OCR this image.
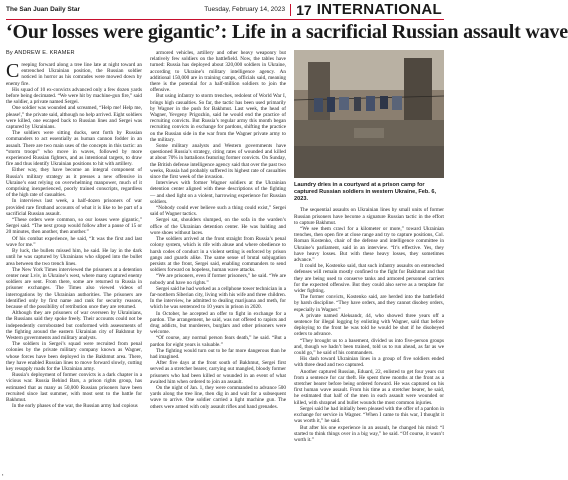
The San Juan Daily Star	Tuesday, February 14, 2023 17 INTERNATIONAL
‘Our losses were gigantic’: Life in a sacrificial Russian assault wave
By ANDREW E. KRAMER

Creeping forward along a tree line late at night toward an entrenched Ukrainian position, the Russian soldier noticed in horror as his comrades were mowed down by enemy fire.

His squad of 10 ex-convicts advanced only a few dozen yards before being decimated. “We were hit by machine-gun fire,” said the soldier, a private named Sergei.

One soldier was wounded and screamed, “Help me! Help me, please!,” the private said, although no help arrived. Eight soldiers were killed, one escaped back to Russian lines and Sergei was captured by Ukrainians.

The soldiers were sitting ducks, sent forth by Russian commanders to act essentially as human cannon fodder in an assault. There are two main uses of the concepts in this tactic: an “storm troops” who move in waves, followed by more experienced Russian fighters, and as intentional targets, to draw fire and thus identify Ukrainian positions to hit with artillery.

Either way, they have become an integral component of Russia’s military strategy as it presses a new offensive in Ukraine’s east relying on overwhelming manpower, much of it comprising inexperienced, poorly trained conscripts, regardless of the high rate of casualties.

In interviews last week, a half-dozen prisoners of war provided rare firsthand accounts of what it is like to be part of a sacrificial Russian assault.

“These orders were common, so our losses were gigantic,” Sergei said. “The next group would follow after a pause of 15 or 20 minutes, then another, then another.”

Of his combat experience, he said, “It was the first and last wave for me.”

By luck, the bullets missed him, he said. He lay in the dark until he was captured by Ukrainians who slipped into the bullet area between the two trench lines.

The New York Times interviewed the prisoners at a detention center near Lviv, in Ukraine’s west, where many captured enemy soldiers are sent. From there, some are returned to Russia in prisoner exchanges. The Times also viewed videos of interrogations by the Ukrainian authorities. The prisoners are identified only by first name and rank for security reasons, because of the possibility of retribution once they are returned.

Although they are prisoners of war overseen by Ukrainians, the Russians said they spoke freely. Their accounts could not be independently corroborated but conformed with assessments of the fighting around the eastern Ukrainian city of Bakhmut by Western governments and military analysts.

The soldiers in Sergei’s squad were recruited from penal colonies by the private military company known as Wagner, whose forces have been deployed in the Bakhmut area. There, they have enabled Russian lines to move forward slowly, cutting key resupply roads for the Ukrainian army.

Russia’s deployment of former convicts is a dark chapter in a vicious war. Russia Behind Bars, a prison rights group, has estimated that as many as 50,000 Russian prisoners have been recruited since last summer, with most sent to the battle for Bakhmut.

In the early phases of the war, the Russian army had copious

armored vehicles, artillery and other heavy weaponry but relatively few soldiers on the battlefield. Now, the tables have turned: Russia has deployed about 320,000 soldiers in Ukraine, according to Ukraine’s military intelligence agency. An additional 150,000 are in training camps, officials said, meaning there is the potential for a half-million soldiers to join the offensive.

But using infantry to storm trenches, redolent of World War I, brings high casualties. So far, the tactic has been used primarily by Wagner in the push for Bakhmut. Last week, the head of Wagner, Yevgeny Prigozhin, said he would end the practice of recruiting convicts. But Russia’s regular army this month began recruiting convicts in exchange for pardons, shifting the practice on the Russian side in the war from the Wagner private army to the military.

Some military analysts and Western governments have questioned Russia’s strategy, citing rates of wounded and killed at about 70% in battalions featuring former convicts. On Sunday, the British defense intelligence agency said that over the past two weeks, Russia had probably suffered its highest rate of casualties since the first week of the invasion.

Interviews with former Wagner soldiers at the Ukrainian detention center aligned with these descriptions of the fighting — and shed light on a violent, harrowing experience for Russian soldiers.

“Nobody could ever believe such a thing could exist,” Sergei said of Wagner tactics.

Sergei sat, shoulders slumped, on the sofa in the warden’s office of the Ukrainian detention center. He was balding and wore shoes without laces.

The soldiers arrived at the front straight from Russia’s penal colony system, which is rife with abuse and where obedience to harsh codes of conduct in a violent setting is enforced by prison gangs and guards alike. The same sense of brutal subjugation persists at the front, Sergei said, enabling commanders to send soldiers forward on hopeless, human wave attacks.

“We are prisoners, even if former prisoners,” he said. “We are nobody and have no rights.”

Sergei said he had worked as a cellphone tower technician in a far-northern Siberian city, living with his wife and three children. In the interview, he admitted to dealing marijuana and meth, for which he was sentenced to 10 years in prison in 2020.

In October, he accepted an offer to fight in exchange for a pardon. The arrangement, he said, was not offered to rapists and drug addicts, but murderers, burglars and other prisoners were welcome.

“Of course, any normal person fears death,” he said. “But a pardon for eight years is valuable.”

The fighting would turn out to be far more dangerous than he had imagined.

After five days at the front south of Bakhmut, Sergei first served as a stretcher bearer, carrying out mangled, bloody former prisoners who had been killed or wounded in an event of what awaited him when ordered to join an assault.

On the night of Jan. 1, they were commanded to advance 500 yards along the tree line, then dig in and wait for a subsequent wave to arrive. One soldier carried a light machine gun. The others were armed with only assault rifles and hand grenades.

Laundry dries in a courtyard at a prison camp for captured Russian soldiers in western Ukraine, Feb. 6, 2023.

The sequential assaults on Ukrainian lines by small units of former Russian prisoners have become a signature Russian tactic in the effort to capture Bakhmut.

“We see them crawl for a kilometer or more,” toward Ukrainian trenches, then open fire at close range and try to capture positions, Col. Roman Kostenko, chair of the defense and intelligence committee in Ukraine’s parliament, said in an interview. “It’s effective. Yes, they have heavy losses. But with these heavy losses, they sometimes advance.”

It could be, Kostenko said, that such infantry assaults on entrenched defenses will remain mostly confined to the fight for Bakhmut and that they are being used to conserve tanks and armored personnel carriers for the expected offensive. But they could also serve as a template for wider fighting.

The former convicts, Kostenko said, are herded into the battlefield by harsh discipline. “They have orders, and they cannot disobey orders, especially in Wagner.”

A private named Aleksandr, 44, who showed three years off a sentence for illegal logging by enlisting with Wagner, said that before deploying to the front he was told he would be shot if he disobeyed orders to advance.

“They brought us to a basement, divided us into five-person groups and, though we hadn’t been trained, told us to run ahead, as far as we could go,” he said of his commanders.

His dash toward Ukrainian lines in a group of five soldiers ended with three dead and two captured.

Another captured Russian, Eduard, 22, enlisted to get four years cut from a sentence for car theft. He spent three months at the front as a stretcher bearer before being ordered forward. He was captured on his first human wave assault. From his time as a stretcher bearer, he said, he estimated that half of the men in each assault were wounded or killed, with shrapnel and bullet wounds the most common injuries.

Sergei said he had initially been pleased with the offer of a pardon in exchange for service in Wagner. “When I came to this war, I thought it was worth it,” he said.

But after his one experience in an assault, he changed his mind: “I started to think things over in a big way,” he said. “Of course, it wasn’t worth it.”

▪
